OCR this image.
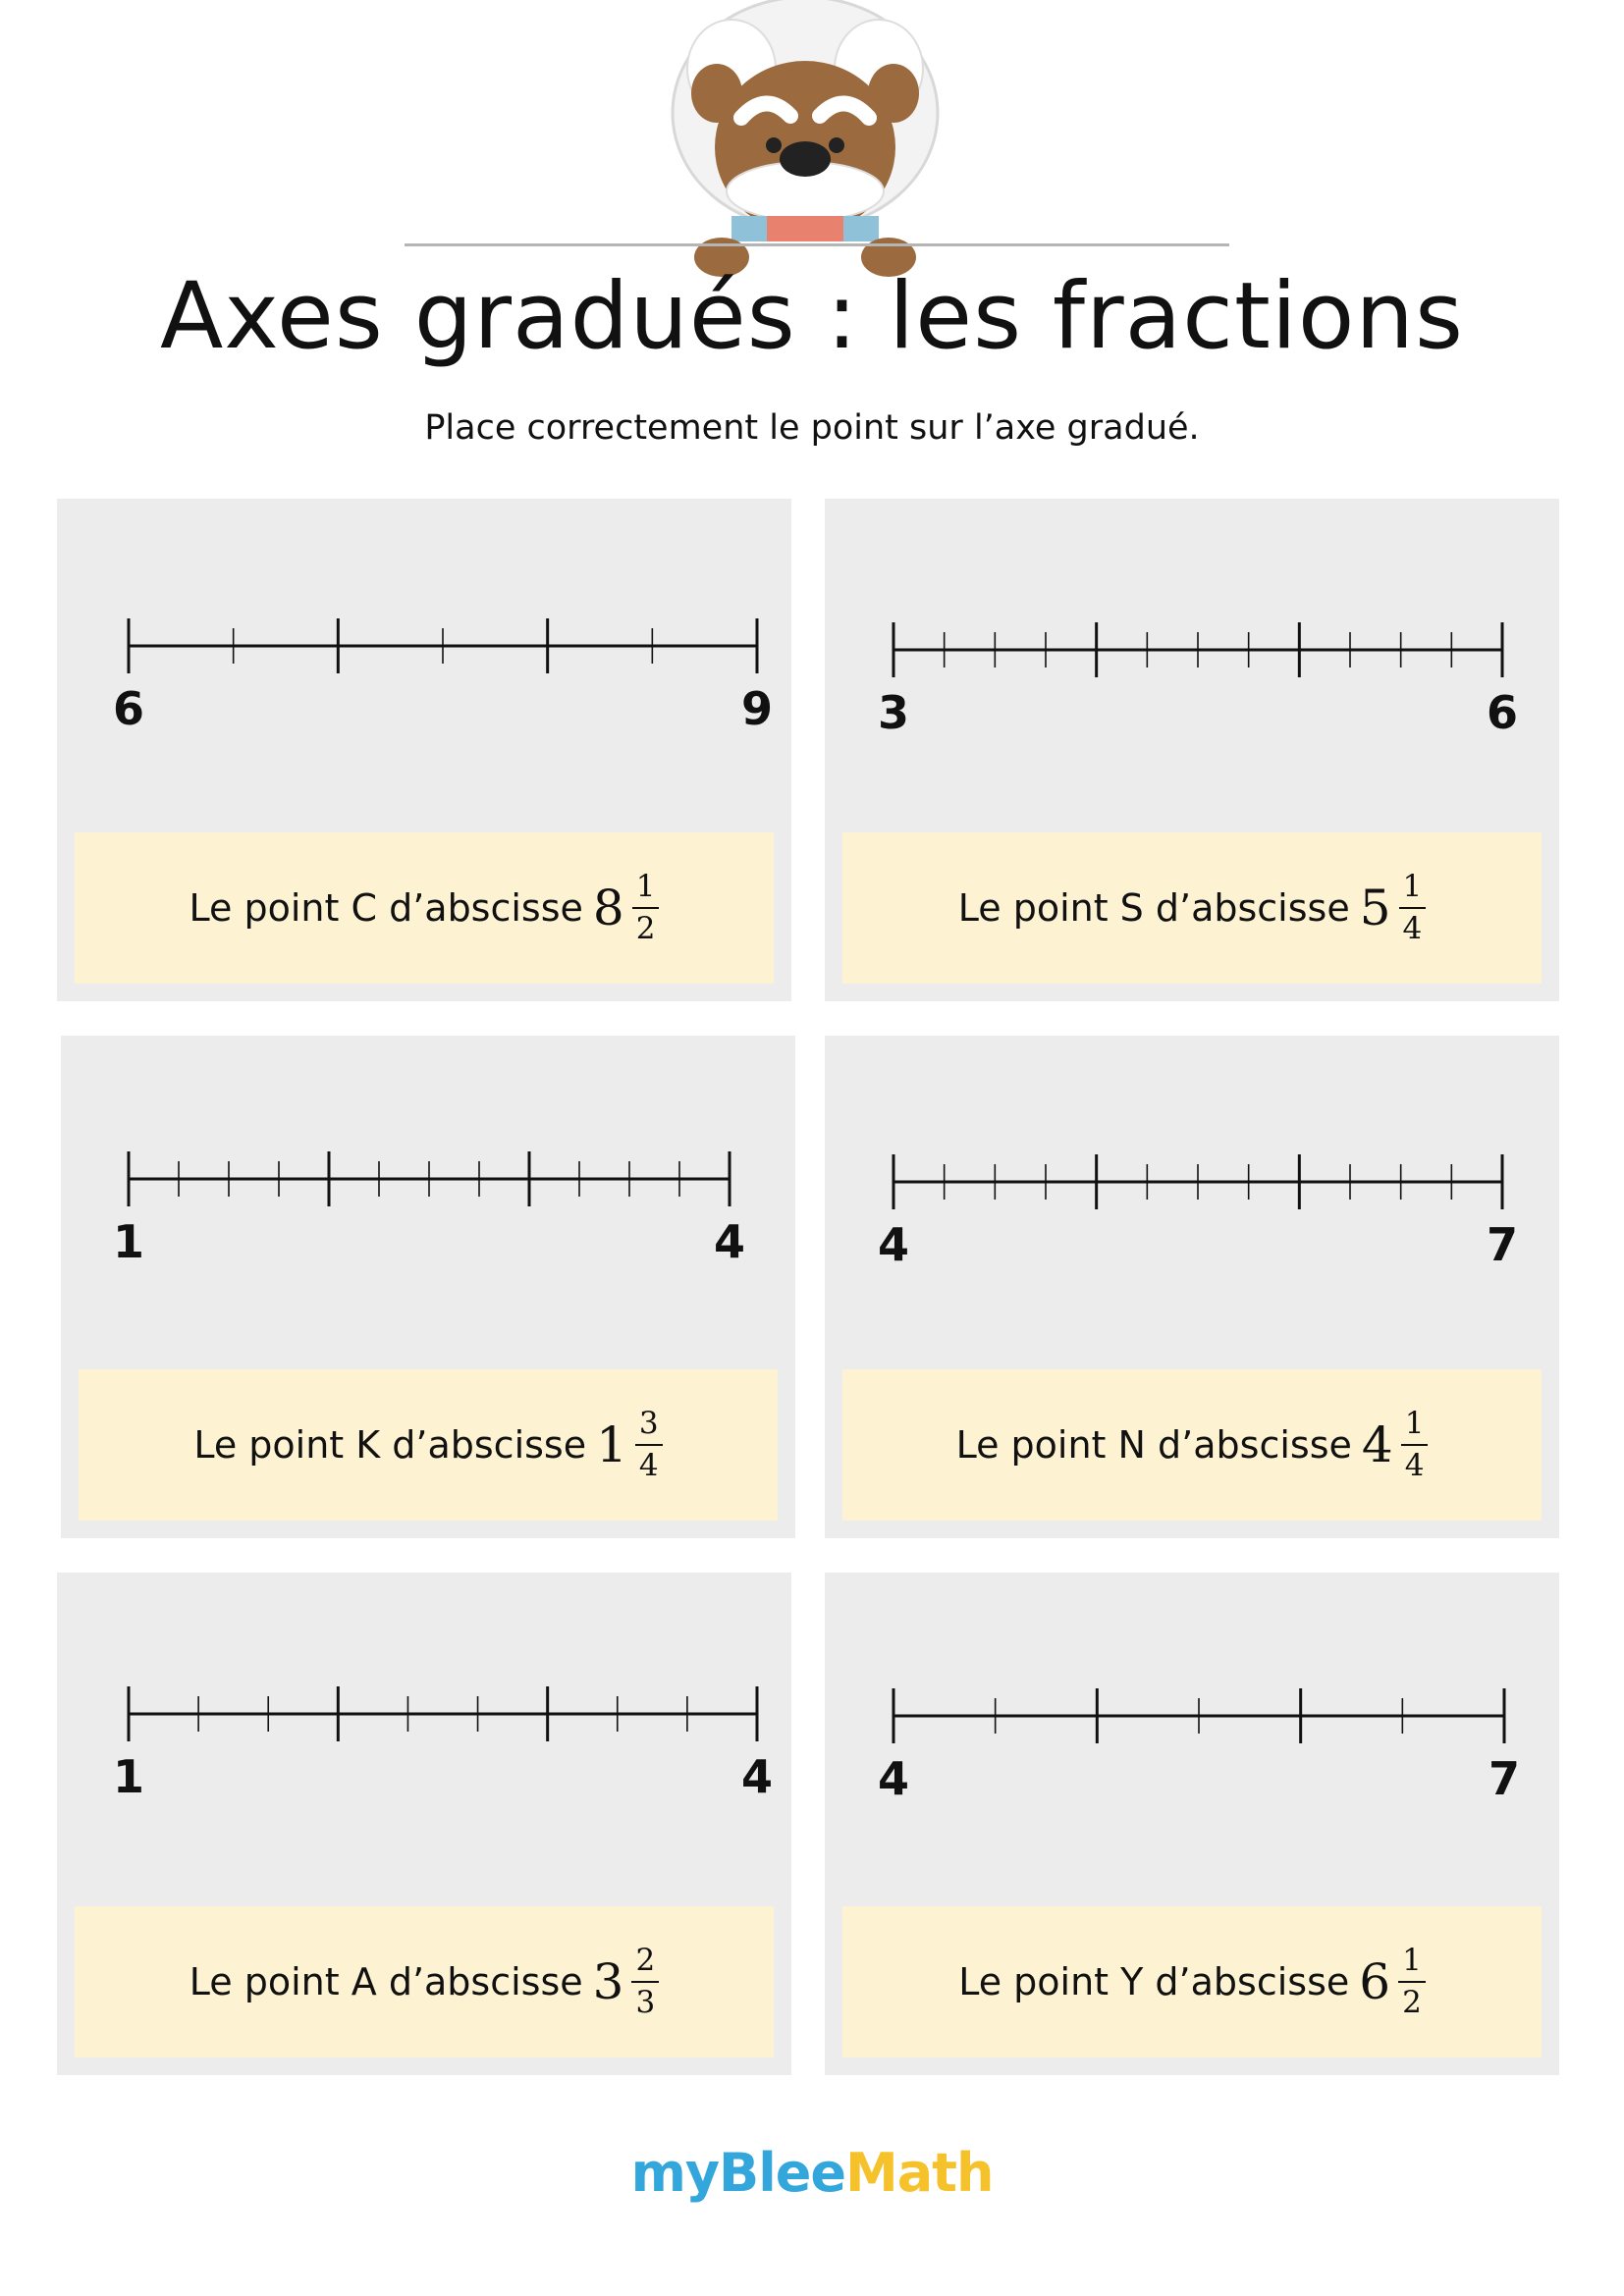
Axes gradués : les fractions
Place correctement le point sur l’axe gradué.
6	9
Le point C d’abscisse $8 \frac{1}{2}$
3	6
Le point S d’abscisse $5 \frac{1}{4}$
1	4
Le point K d’abscisse $1 \frac{3}{4}$
4	7
Le point N d’abscisse $4 \frac{1}{4}$
1	4
Le point A d’abscisse $3 \frac{2}{3}$
4	7
Le point Y d’abscisse $6 \frac{1}{2}$
myBleeMath
